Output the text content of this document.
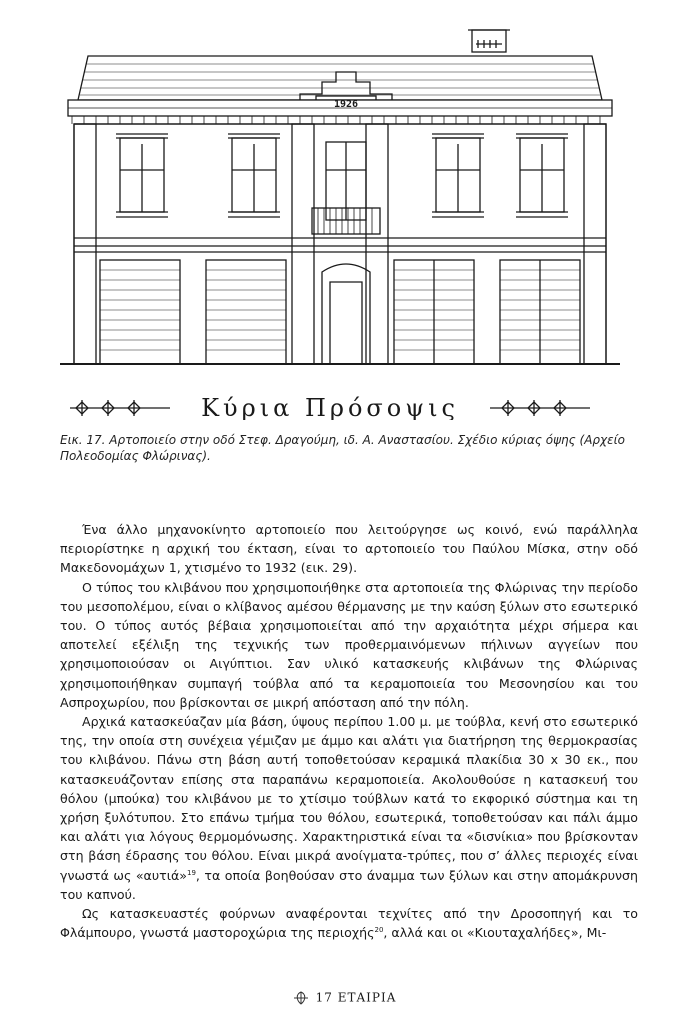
1926
Κύρια Πρόσοψις
Εικ. 17. Αρτοποιείο στην οδό Στεφ. Δραγούμη, ιδ. Α. Αναστασίου. Σχέδιο κύριας όψης (Αρχείο Πολεοδομίας Φλώρινας).

Ένα άλλο μηχανοκίνητο αρτοποιείο που λειτούργησε ως κοινό, ενώ παράλληλα περιορίστηκε η αρχική του έκταση, είναι το αρτοποιείο του Παύλου Μίσκα, στην οδό Μακεδονομάχων 1, χτισμένο το 1932 (εικ. 29).

Ο τύπος του κλιβάνου που χρησιμοποιήθηκε στα αρτοποιεία της Φλώρινας την περίοδο του μεσοπολέμου, είναι ο κλίβανος αμέσου θέρμανσης με την καύση ξύλων στο εσωτερικό του. Ο τύπος αυτός βέβαια χρησιμοποιείται από την αρχαιότητα μέχρι σήμερα και αποτελεί εξέλιξη της τεχνικής των προθερμαινόμενων πήλινων αγγείων που χρησιμοποιούσαν οι Αιγύπτιοι. Σαν υλικό κατασκευής κλιβάνων της Φλώρινας χρησιμοποιήθηκαν συμπαγή τούβλα από τα κεραμοποιεία του Μεσονησίου και του Ασπροχωρίου, που βρίσκονται σε μικρή απόσταση από την πόλη.

Αρχικά κατασκεύαζαν μία βάση, ύψους περίπου 1.00 μ. με τούβλα, κενή στο εσωτερικό της, την οποία στη συνέχεια γέμιζαν με άμμο και αλάτι για διατήρηση της θερμοκρασίας του κλιβάνου. Πάνω στη βάση αυτή τοποθετούσαν κεραμικά πλακίδια 30 x 30 εκ., που κατασκευάζονταν επίσης στα παραπάνω κεραμοποιεία. Ακολουθούσε η κατασκευή του θόλου (μπούκα) του κλιβάνου με το χτίσιμο τούβλων κατά το εκφορικό σύστημα και τη χρήση ξυλότυπου. Στο επάνω τμήμα του θόλου, εσωτερικά, τοποθετούσαν και πάλι άμμο και αλάτι για λόγους θερμομόνωσης. Χαρακτηριστικά είναι τα «δισνίκια» που βρίσκονταν στη βάση έδρασης του θόλου. Είναι μικρά ανοίγματα-τρύπες, που σ’ άλλες περιοχές είναι γνωστά ως «αυτιά»$^{19}$, τα οποία βοηθούσαν στο άναμμα των ξύλων και στην απομάκρυνση του καπνού.

Ως κατασκευαστές φούρνων αναφέρονται τεχνίτες από την Δροσοπηγή και το Φλάμπουρο, γνωστά μαστοροχώρια της περιοχής$^{20}$, αλλά και οι «Κιουταχαλήδες», Μι-

17 ΕΤΑΙΡΙΑ
